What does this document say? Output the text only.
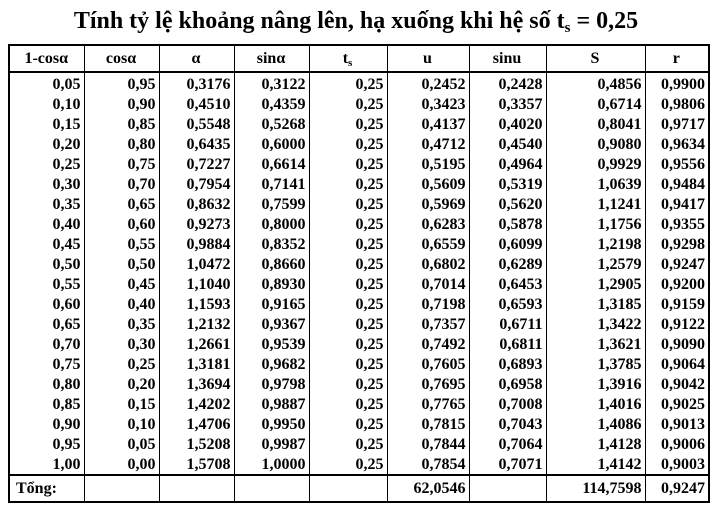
Tính tỷ lệ khoảng nâng lên, hạ xuống khi hệ số $t_s = 0,25$
1-cosα	cosα	α	sinα	$t_s$	u	sinu	S	r
0,05	0,95	0,3176	0,3122	0,25	0,2452	0,2428	0,4856	0,9900
0,10	0,90	0,4510	0,4359	0,25	0,3423	0,3357	0,6714	0,9806
0,15	0,85	0,5548	0,5268	0,25	0,4137	0,4020	0,8041	0,9717
0,20	0,80	0,6435	0,6000	0,25	0,4712	0,4540	0,9080	0,9634
0,25	0,75	0,7227	0,6614	0,25	0,5195	0,4964	0,9929	0,9556
0,30	0,70	0,7954	0,7141	0,25	0,5609	0,5319	1,0639	0,9484
0,35	0,65	0,8632	0,7599	0,25	0,5969	0,5620	1,1241	0,9417
0,40	0,60	0,9273	0,8000	0,25	0,6283	0,5878	1,1756	0,9355
0,45	0,55	0,9884	0,8352	0,25	0,6559	0,6099	1,2198	0,9298
0,50	0,50	1,0472	0,8660	0,25	0,6802	0,6289	1,2579	0,9247
0,55	0,45	1,1040	0,8930	0,25	0,7014	0,6453	1,2905	0,9200
0,60	0,40	1,1593	0,9165	0,25	0,7198	0,6593	1,3185	0,9159
0,65	0,35	1,2132	0,9367	0,25	0,7357	0,6711	1,3422	0,9122
0,70	0,30	1,2661	0,9539	0,25	0,7492	0,6811	1,3621	0,9090
0,75	0,25	1,3181	0,9682	0,25	0,7605	0,6893	1,3785	0,9064
0,80	0,20	1,3694	0,9798	0,25	0,7695	0,6958	1,3916	0,9042
0,85	0,15	1,4202	0,9887	0,25	0,7765	0,7008	1,4016	0,9025
0,90	0,10	1,4706	0,9950	0,25	0,7815	0,7043	1,4086	0,9013
0,95	0,05	1,5208	0,9987	0,25	0,7844	0,7064	1,4128	0,9006
1,00	0,00	1,5708	1,0000	0,25	0,7854	0,7071	1,4142	0,9003
Tổng:					62,0546		114,7598	0,9247
